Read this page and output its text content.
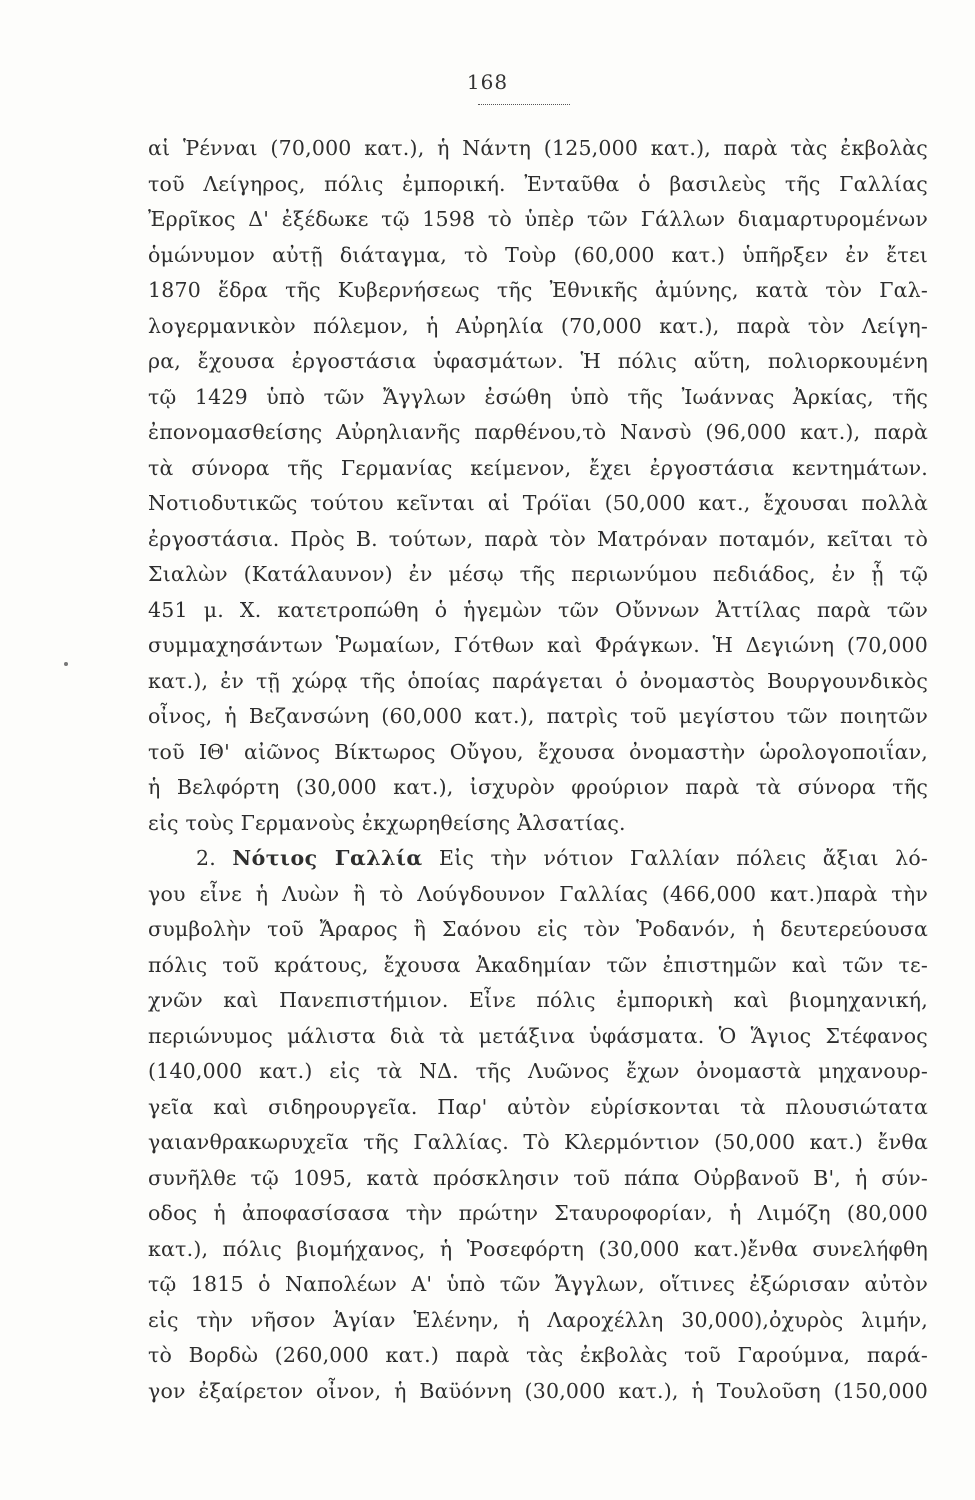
168
αἱ Ῥένναι (70,000 κατ.), ἡ Νάντη (125,000 κατ.), παρὰ τὰς ἐκβολὰς
τοῦ Λείγηρος, πόλις ἐμπορική. Ἐνταῦθα ὁ βασιλεὺς τῆς Γαλλίας
Ἐρρῖκος Δ' ἐξέδωκε τῷ 1598 τὸ ὑπὲρ τῶν Γάλλων διαμαρτυρομένων
ὁμώνυμον αὐτῇ διάταγμα, τὸ Τοὺρ (60,000 κατ.) ὑπῆρξεν ἐν ἔτει
1870 ἕδρα τῆς Κυβερνήσεως τῆς Ἐθνικῆς ἀμύνης, κατὰ τὸν Γαλ-
λογερμανικὸν πόλεμον, ἡ Αὐρηλία (70,000 κατ.), παρὰ τὸν Λείγη-
ρα, ἔχουσα ἐργοστάσια ὑφασμάτων. Ἡ πόλις αὕτη, πολιορκουμένη
τῷ 1429 ὑπὸ τῶν Ἄγγλων ἐσώθη ὑπὸ τῆς Ἰωάννας Ἀρκίας, τῆς
ἐπονομασθείσης Αὐρηλιανῆς παρθένου,τὸ Νανσὺ (96,000 κατ.), παρὰ
τὰ σύνορα τῆς Γερμανίας κείμενον, ἔχει ἐργοστάσια κεντημάτων.
Νοτιοδυτικῶς τούτου κεῖνται αἱ Τρόϊαι (50,000 κατ., ἔχουσαι πολλὰ
ἐργοστάσια. Πρὸς Β. τούτων, παρὰ τὸν Ματρόναν ποταμόν, κεῖται τὸ
Σιαλὼν (Κατάλαυνον) ἐν μέσῳ τῆς περιωνύμου πεδιάδος, ἐν ᾗ τῷ
451 μ. Χ. κατετροπώθη ὁ ἡγεμὼν τῶν Οὔννων Ἀττίλας παρὰ τῶν
συμμαχησάντων Ῥωμαίων, Γότθων καὶ Φράγκων. Ἡ Δεγιώνη (70,000
κατ.), ἐν τῇ χώρᾳ τῆς ὁποίας παράγεται ὁ ὀνομαστὸς Βουργουνδικὸς
οἶνος, ἡ Βεζανσώνη (60,000 κατ.), πατρὶς τοῦ μεγίστου τῶν ποιητῶν
τοῦ ΙΘ' αἰῶνος Βίκτωρος Οὔγου, ἔχουσα ὀνομαστὴν ὡρολογοποιΐαν,
ἡ Βελφόρτη (30,000 κατ.), ἰσχυρὸν φρούριον παρὰ τὰ σύνορα τῆς
εἰς τοὺς Γερμανοὺς ἐκχωρηθείσης Ἀλσατίας.
2. Νότιος Γαλλία Εἰς τὴν νότιον Γαλλίαν πόλεις ἄξιαι λό-
γου εἶνε ἡ Λυὼν ἢ τὸ Λούγδουνον Γαλλίας (466,000 κατ.)παρὰ τὴν
συμβολὴν τοῦ Ἄραρος ἢ Σαόνου εἰς τὸν Ῥοδανόν, ἡ δευτερεύουσα
πόλις τοῦ κράτους, ἔχουσα Ἀκαδημίαν τῶν ἐπιστημῶν καὶ τῶν τε-
χνῶν καὶ Πανεπιστήμιον. Εἶνε πόλις ἐμπορικὴ καὶ βιομηχανική,
περιώνυμος μάλιστα διὰ τὰ μετάξινα ὑφάσματα. Ὁ Ἅγιος Στέφανος
(140,000 κατ.) εἰς τὰ ΝΔ. τῆς Λυῶνος ἔχων ὀνομαστὰ μηχανουρ-
γεῖα καὶ σιδηρουργεῖα. Παρ' αὐτὸν εὑρίσκονται τὰ πλουσιώτατα
γαιανθρακωρυχεῖα τῆς Γαλλίας. Τὸ Κλερμόντιον (50,000 κατ.) ἔνθα
συνῆλθε τῷ 1095, κατὰ πρόσκλησιν τοῦ πάπα Οὐρβανοῦ Β', ἡ σύν-
οδος ἡ ἀποφασίσασα τὴν πρώτην Σταυροφορίαν, ἡ Λιμόζη (80,000
κατ.), πόλις βιομήχανος, ἡ Ῥοσεφόρτη (30,000 κατ.)ἔνθα συνελήφθη
τῷ 1815 ὁ Ναπολέων Α' ὑπὸ τῶν Ἄγγλων, οἵτινες ἐξώρισαν αὐτὸν
εἰς τὴν νῆσον Ἁγίαν Ἑλένην, ἡ Λαροχέλλη 30,000),ὀχυρὸς λιμήν,
τὸ Βορδὼ (260,000 κατ.) παρὰ τὰς ἐκβολὰς τοῦ Γαρούμνα, παρά-
γον ἐξαίρετον οἶνον, ἡ Βαϋόννη (30,000 κατ.), ἡ Τουλοῦση (150,000
